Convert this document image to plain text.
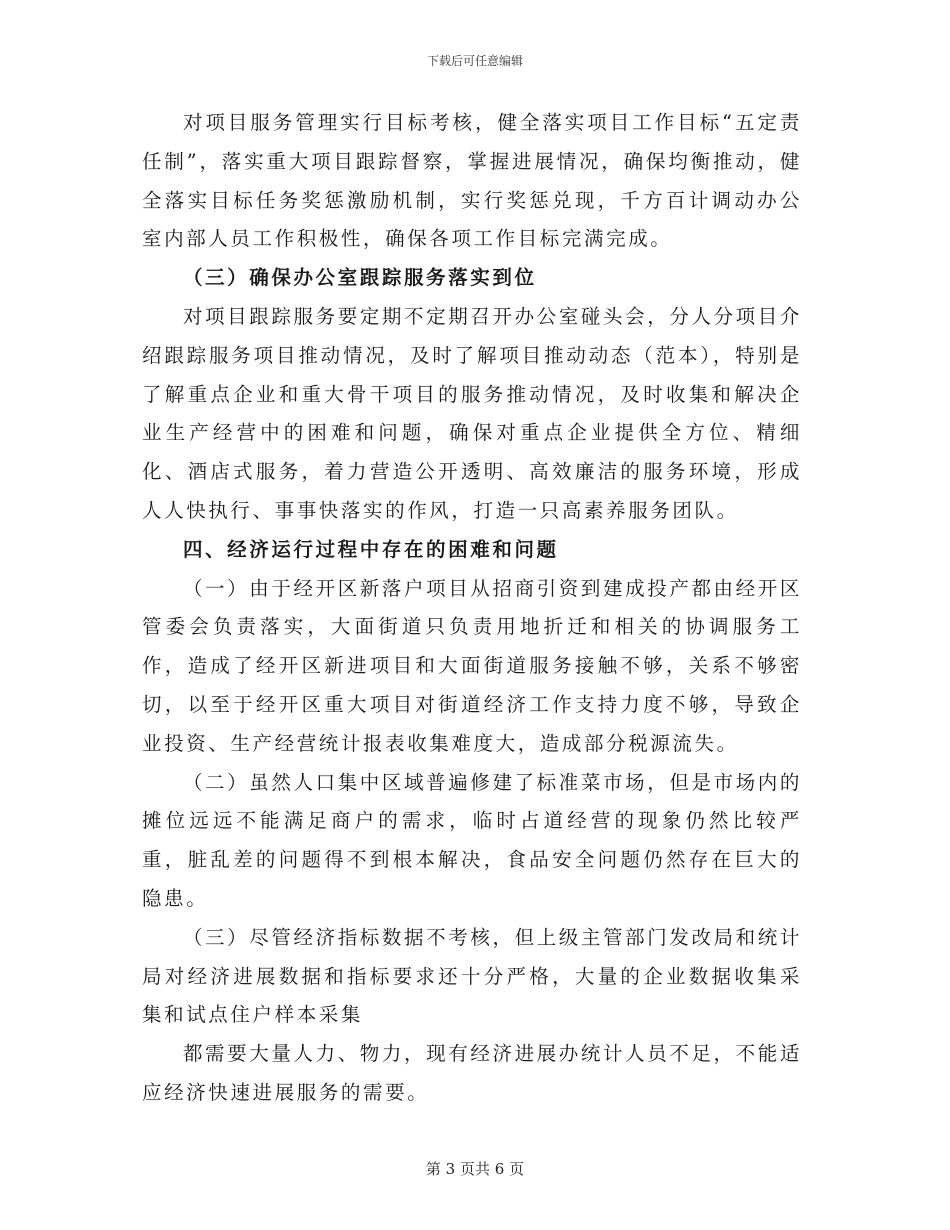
下载后可任意编辑

对项目服务管理实行目标考核，健全落实项目工作目标“五定责任制”，落实重大项目跟踪督察，掌握进展情况，确保均衡推动，健全落实目标任务奖惩激励机制，实行奖惩兑现，千方百计调动办公室内部人员工作积极性，确保各项工作目标完满完成。

（三）确保办公室跟踪服务落实到位

对项目跟踪服务要定期不定期召开办公室碰头会，分人分项目介绍跟踪服务项目推动情况，及时了解项目推动动态（范本），特别是了解重点企业和重大骨干项目的服务推动情况，及时收集和解决企业生产经营中的困难和问题，确保对重点企业提供全方位、精细化、酒店式服务，着力营造公开透明、高效廉洁的服务环境，形成人人快执行、事事快落实的作风，打造一只高素养服务团队。

四、经济运行过程中存在的困难和问题

（一）由于经开区新落户项目从招商引资到建成投产都由经开区管委会负责落实，大面街道只负责用地折迁和相关的协调服务工作，造成了经开区新进项目和大面街道服务接触不够，关系不够密切，以至于经开区重大项目对街道经济工作支持力度不够，导致企业投资、生产经营统计报表收集难度大，造成部分税源流失。

（二）虽然人口集中区域普遍修建了标准菜市场，但是市场内的摊位远远不能满足商户的需求，临时占道经营的现象仍然比较严重，脏乱差的问题得不到根本解决，食品安全问题仍然存在巨大的隐患。

（三）尽管经济指标数据不考核，但上级主管部门发改局和统计局对经济进展数据和指标要求还十分严格，大量的企业数据收集采集和试点住户样本采集

都需要大量人力、物力，现有经济进展办统计人员不足，不能适应经济快速进展服务的需要。

第 3 页共 6 页
